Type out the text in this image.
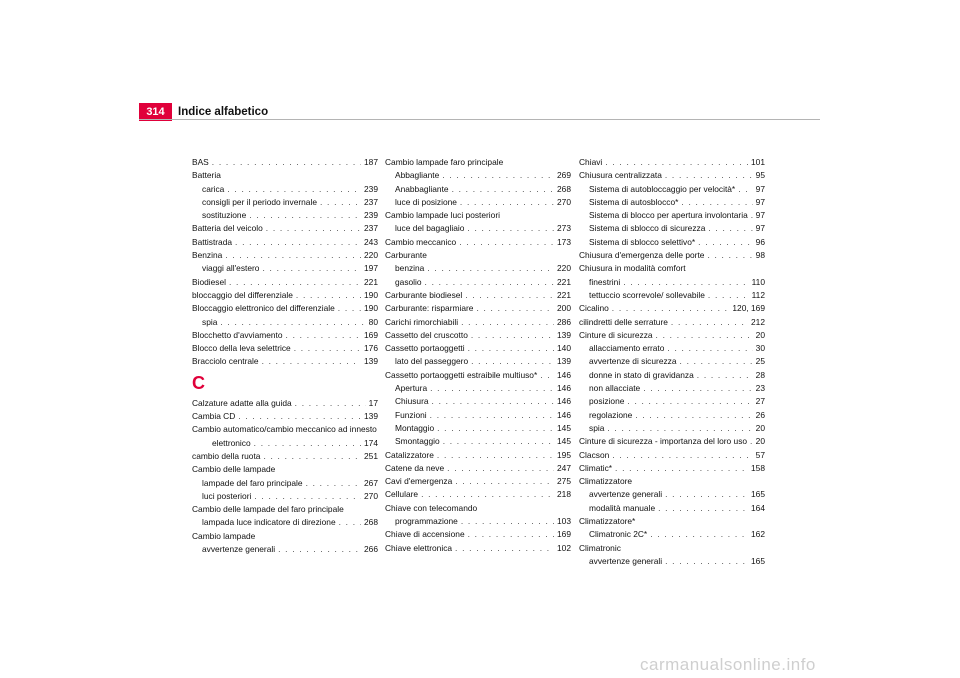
314	Indice alfabetico
BAS . . .	187
Batteria
carica . . .	239
consigli per il periodo invernale . . .	237
sostituzione . . .	239
Batteria del veicolo . . .	237
Battistrada . . .	243
Benzina . . .	220
viaggi all'estero . . .	197
Biodiesel . . .	221
bloccaggio del differenziale . . .	190
Bloccaggio elettronico del differenziale . . .	190
spia . . .	80
Blocchetto d'avviamento . . .	169
Blocco della leva selettrice . . .	176
Bracciolo centrale . . .	139
C
Calzature adatte alla guida . . .	17
Cambia CD . . .	139
Cambio automatico/cambio meccanico ad innesto
elettronico . . .	174
cambio della ruota . . .	251
Cambio delle lampade
lampade del faro principale . . .	267
luci posteriori . . .	270
Cambio delle lampade del faro principale
lampada luce indicatore di direzione . . .	268
Cambio lampade
avvertenze generali . . .	266
Cambio lampade faro principale
Abbagliante . . .	269
Anabbagliante . . .	268
luce di posizione . . .	270
Cambio lampade luci posteriori
luce del bagagliaio . . .	273
Cambio meccanico . . .	173
Carburante
benzina . . .	220
gasolio . . .	221
Carburante biodiesel . . .	221
Carburante: risparmiare . . .	200
Carichi rimorchiabili . . .	286
Cassetto del cruscotto . . .	139
Cassetto portaoggetti . . .	140
lato del passeggero . . .	139
Cassetto portaoggetti estraibile multiuso* . . . 146
Apertura . . .	146
Chiusura . . .	146
Funzioni . . .	146
Montaggio . . .	145
Smontaggio . . .	145
Catalizzatore . . .	195
Catene da neve . . .	247
Cavi d'emergenza . . .	275
Cellulare . . .	218
Chiave con telecomando
programmazione . . .	103
Chiave di accensione . . .	169
Chiave elettronica . . .	102
Chiavi . . .	101
Chiusura centralizzata . . .	95
Sistema di autobloccaggio per velocità* . . . 97
Sistema di autosblocco* . . .	97
Sistema di blocco per apertura involontaria . . . 97
Sistema di sblocco di sicurezza . . .	97
Sistema di sblocco selettivo* . . .	96
Chiusura d'emergenza delle porte . . .	98
Chiusura in modalità comfort
finestrini . . .	110
tettuccio scorrevole/ sollevabile . . .	112
Cicalino . . .	120, 169
cilindretti delle serrature . . .	212
Cinture di sicurezza . . .	20
allacciamento errato . . .	30
avvertenze di sicurezza . . .	25
donne in stato di gravidanza . . .	28
non allacciate . . .	23
posizione . . .	27
regolazione . . .	26
spia . . .	20
Cinture di sicurezza - importanza del loro uso . . . 20
Clacson . . .	57
Climatic* . . .	158
Climatizzatore
avvertenze generali . . .	165
modalità manuale . . .	164
Climatizzatore*
Climatronic 2C* . . .	162
Climatronic
avvertenze generali . . .	165
carmanualsonline.info
